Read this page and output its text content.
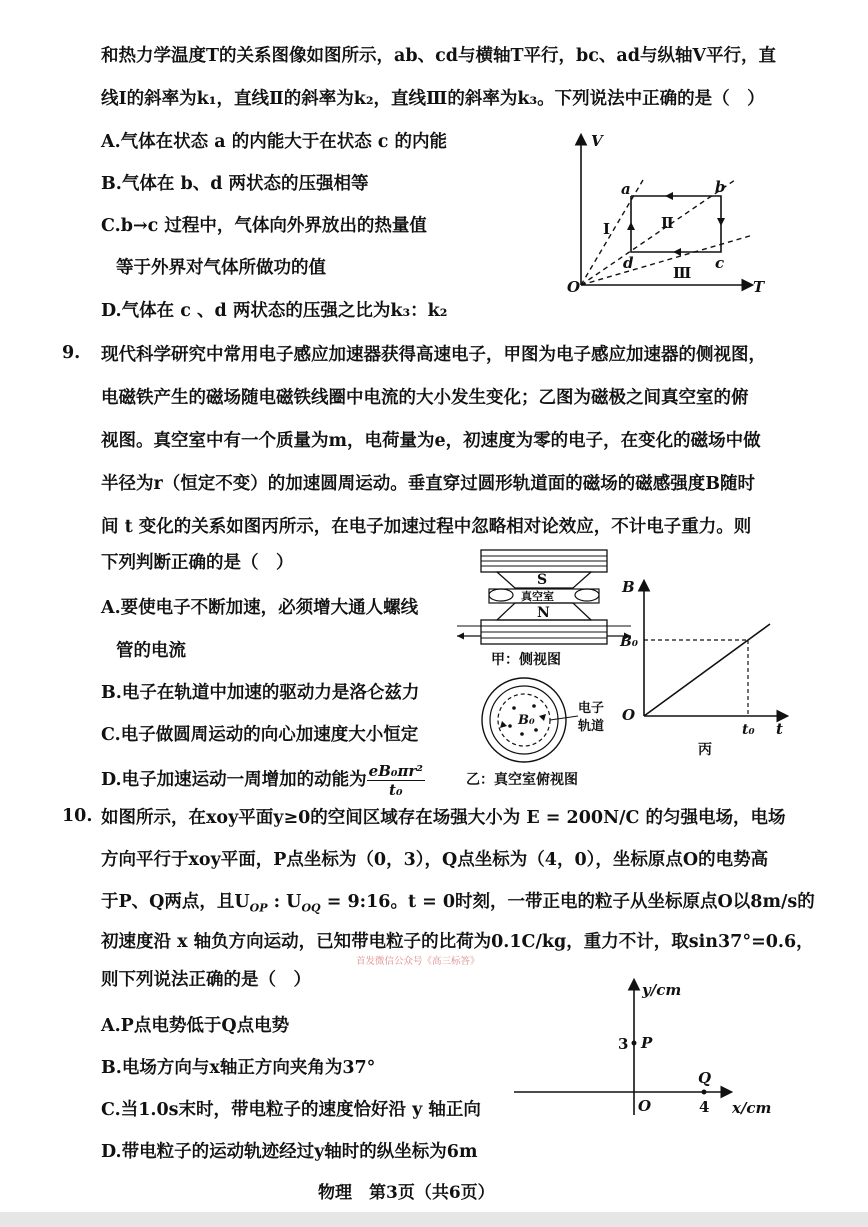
和热力学温度T的关系图像如图所示，ab、cd与横轴T平行，bc、ad与纵轴V平行，直
线Ⅰ的斜率为k₁，直线Ⅱ的斜率为k₂，直线Ⅲ的斜率为k₃。下列说法中正确的是（　）
A.气体在状态 a 的内能大于在状态 c 的内能
B.气体在 b、d 两状态的压强相等
C.b→c 过程中，气体向外界放出的热量值
等于外界对气体所做功的值
D.气体在 c 、d 两状态的压强之比为k₃：k₂
V
T
O
a	b
c
d
Ⅰ	Ⅱ
Ⅲ
9. 现代科学研究中常用电子感应加速器获得高速电子，甲图为电子感应加速器的侧视图，
电磁铁产生的磁场随电磁铁线圈中电流的大小发生变化；乙图为磁极之间真空室的俯
视图。真空室中有一个质量为m，电荷量为e，初速度为零的电子，在变化的磁场中做
半径为r（恒定不变）的加速圆周运动。垂直穿过圆形轨道面的磁场的磁感强度B随时
间 t 变化的关系如图丙所示，在电子加速过程中忽略相对论效应，不计电子重力。则
下列判断正确的是（　）
A.要使电子不断加速，必须增大通人螺线
管的电流
B.电子在轨道中加速的驱动力是洛仑兹力
C.电子做圆周运动的向心加速度大小恒定
D.电子加速运动一周增加的动能为 $\frac{\text{eB₀πr²}}{\text{t₀}}$
S
真空室
N
甲：侧视图
B₀
电子
轨道
乙：真空室俯视图
B
t
O
B₀
t₀
丙
10. 如图所示，在xoy平面y≥0的空间区域存在场强大小为 E = 200N/C 的匀强电场，电场
方向平行于xoy平面，P点坐标为（0，3），Q点坐标为（4，0），坐标原点O的电势高
于P、Q两点，且$U_{OP}$ : $U_{OQ}$ = 9:16。t = 0时刻，一带正电的粒子从坐标原点O以8m/s的
初速度沿 x 轴负方向运动，已知带电粒子的比荷为0.1C/kg，重力不计，取sin37°=0.6，
首发微信公众号《高三标答》
则下列说法正确的是（　）
A.P点电势低于Q点电势
B.电场方向与x轴正方向夹角为37°
C.当1.0s末时，带电粒子的速度恰好沿 y 轴正向
D.带电粒子的运动轨迹经过y轴时的纵坐标为6m
y/cm
x/cm
O
P
3
Q
4
物理　第3页（共6页）
